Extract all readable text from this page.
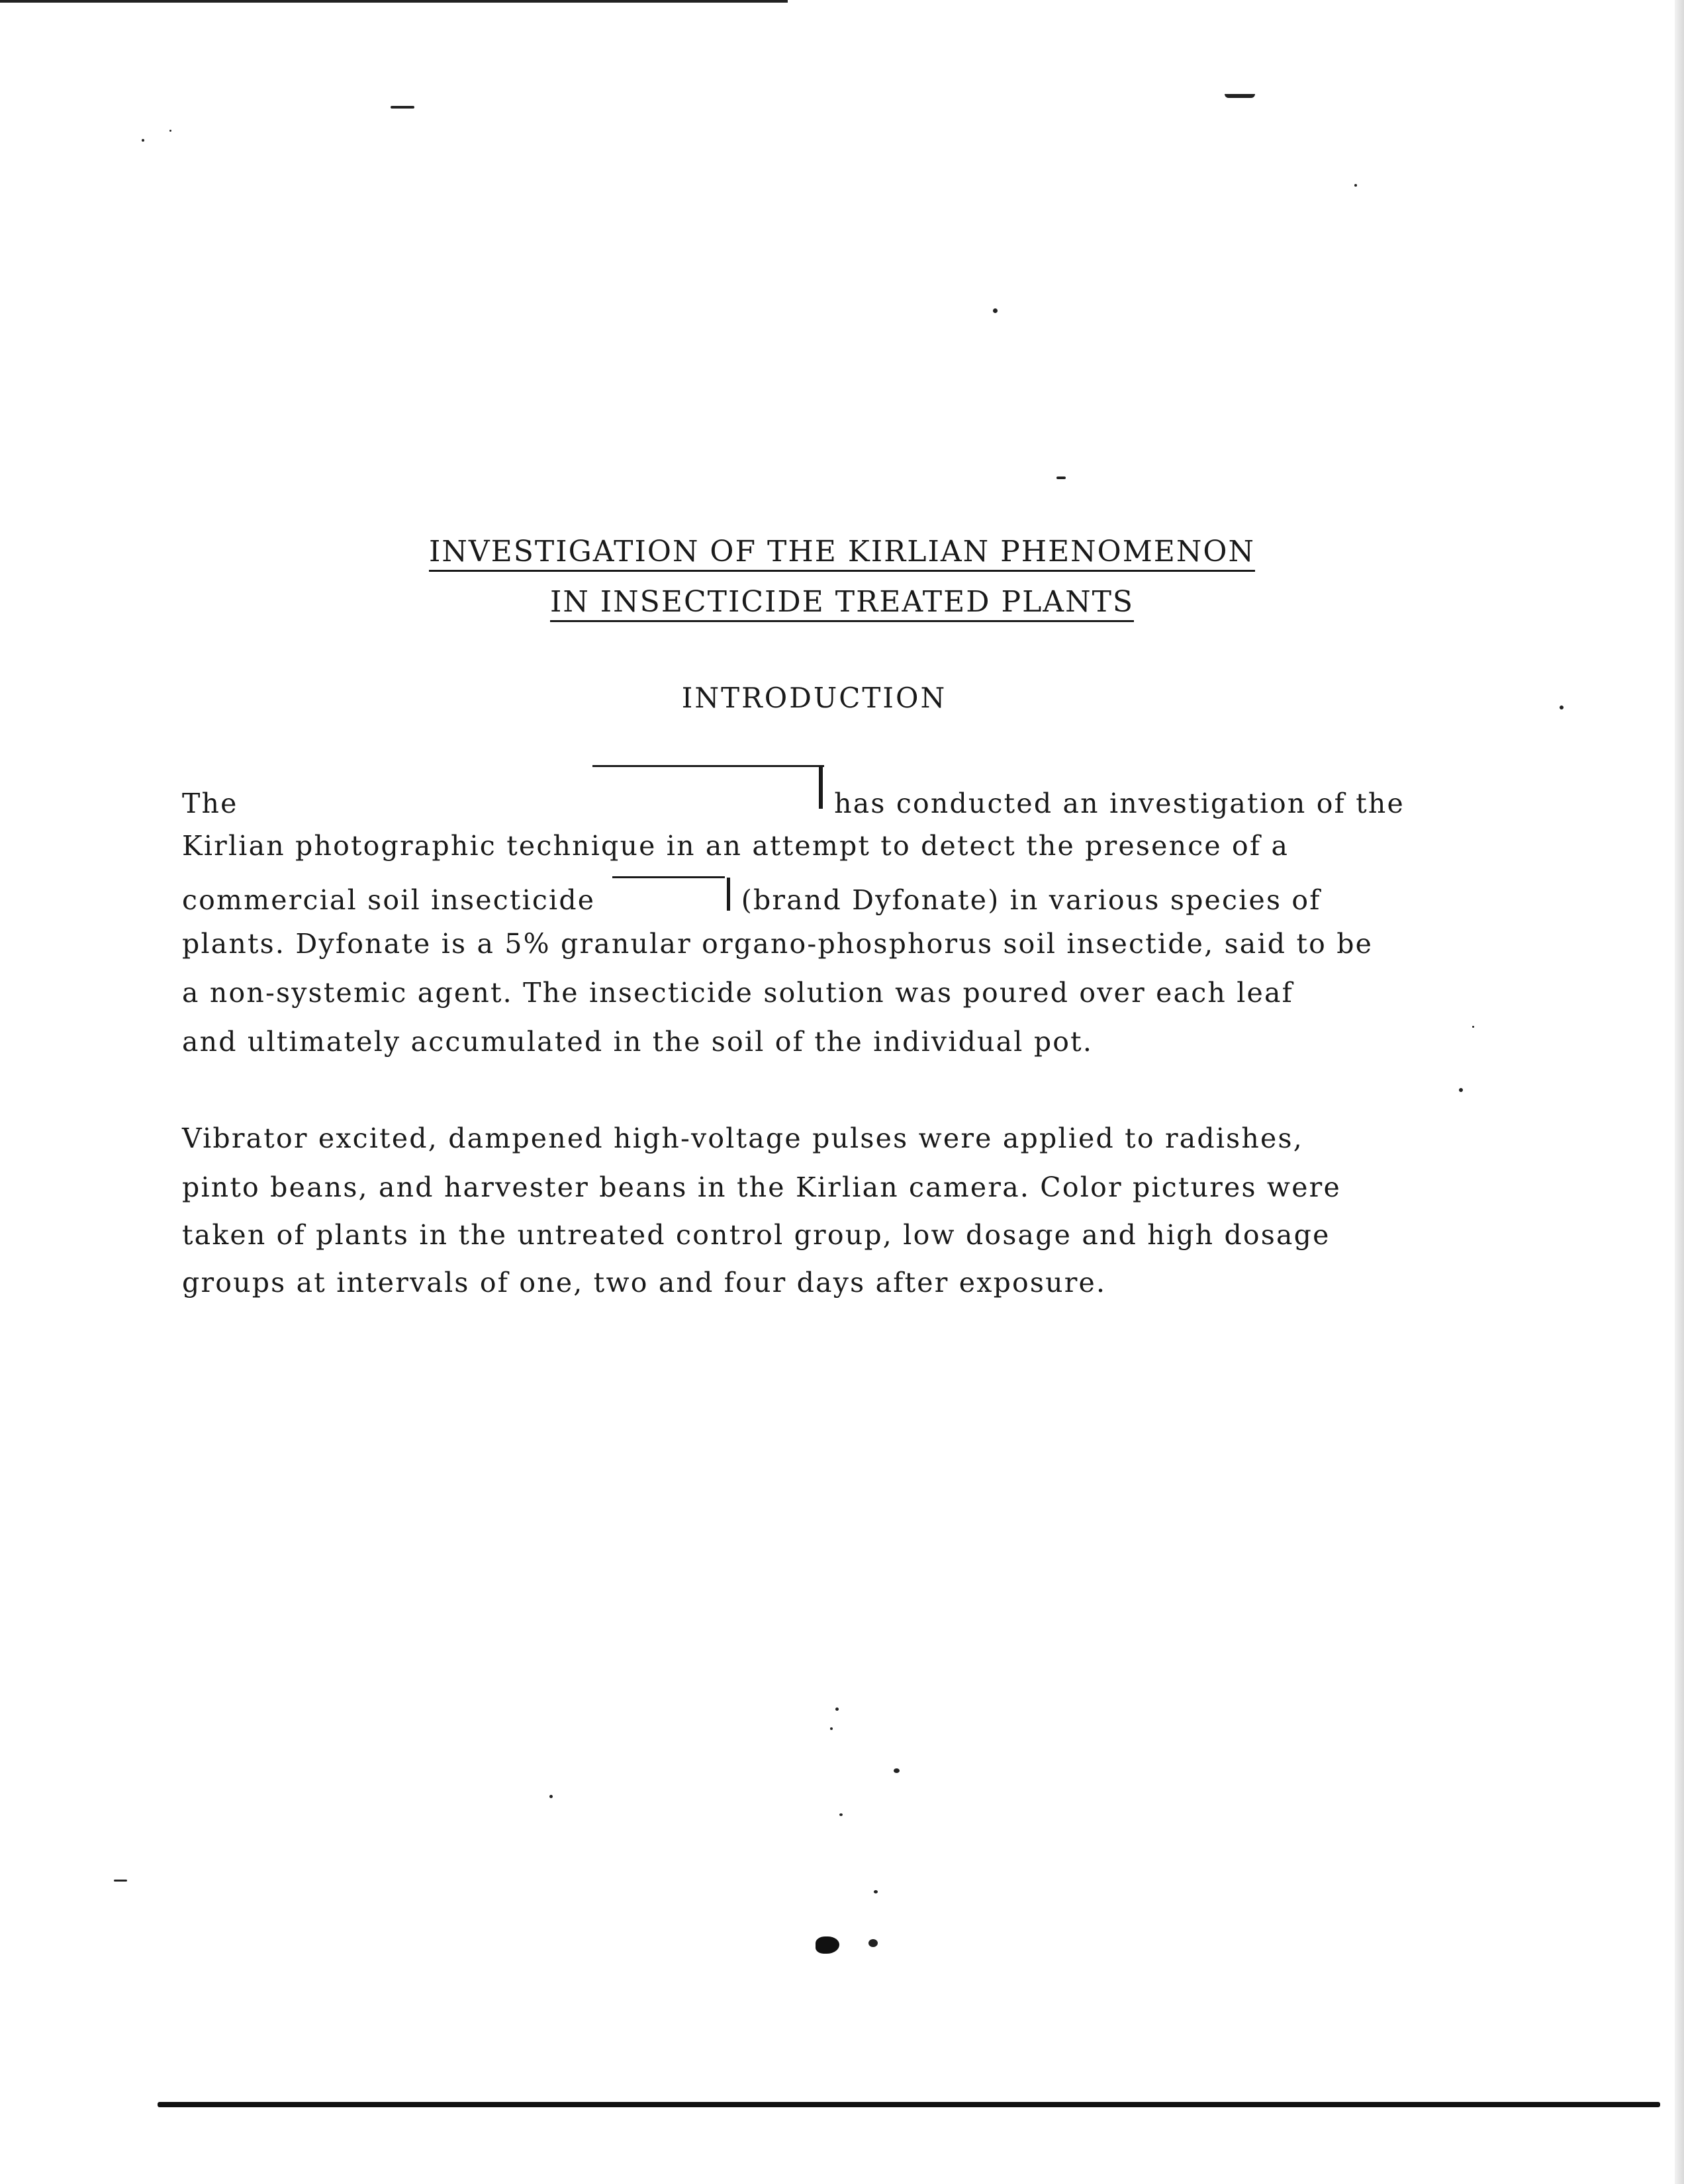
INVESTIGATION OF THE KIRLIAN PHENOMENON
IN INSECTICIDE TREATED PLANTS
INTRODUCTION
The	has conducted an investigation of the
Kirlian photographic technique in an attempt to detect the presence of a
commercial soil insecticide	(brand Dyfonate) in various species of
plants. Dyfonate is a 5% granular organo-phosphorus soil insectide, said to be
a non-systemic agent. The insecticide solution was poured over each leaf
and ultimately accumulated in the soil of the individual pot.
Vibrator excited, dampened high-voltage pulses were applied to radishes,
pinto beans, and harvester beans in the Kirlian camera. Color pictures were
taken of plants in the untreated control group, low dosage and high dosage
groups at intervals of one, two and four days after exposure.
